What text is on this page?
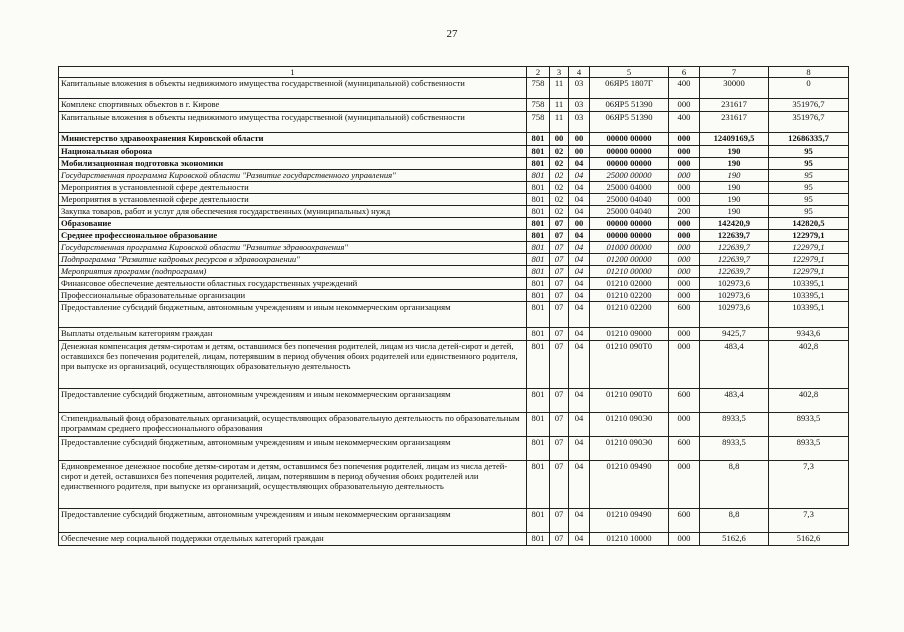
27
1	2	3	4	5	6	7	8
Капитальные вложения в объекты недвижимого имущества государственной (муниципальной) собственности	758	11	03	06ЯР5 1807Г	400	30000	0
Комплекс спортивных объектов в г. Кирове	758	11	03	06ЯР5 51390	000	231617	351976,7
Капитальные вложения в объекты недвижимого имущества государственной (муниципальной) собственности	758	11	03	06ЯР5 51390	400	231617	351976,7
Министерство здравоохранения Кировской области	801	00	00	00000 00000	000	12409169,5	12686335,7
Национальная оборона	801	02	00	00000 00000	000	190	95
Мобилизационная подготовка экономики	801	02	04	00000 00000	000	190	95
Государственная программа Кировской области "Развитие государственного управления"	801	02	04	25000 00000	000	190	95
Мероприятия в установленной сфере деятельности	801	02	04	25000 04000	000	190	95
Мероприятия в установленной сфере деятельности	801	02	04	25000 04040	000	190	95
Закупка товаров, работ и услуг для обеспечения государственных (муниципальных) нужд	801	02	04	25000 04040	200	190	95
Образование	801	07	00	00000 00000	000	142420,9	142820,5
Среднее профессиональное образование	801	07	04	00000 00000	000	122639,7	122979,1
Государственная программа Кировской области "Развитие здравоохранения"	801	07	04	01000 00000	000	122639,7	122979,1
Подпрограмма "Развитие кадровых ресурсов в здравоохранении"	801	07	04	01200 00000	000	122639,7	122979,1
Мероприятия программ (подпрограмм)	801	07	04	01210 00000	000	122639,7	122979,1
Финансовое обеспечение деятельности областных государственных учреждений	801	07	04	01210 02000	000	102973,6	103395,1
Профессиональные образовательные организации	801	07	04	01210 02200	000	102973,6	103395,1
Предоставление субсидий бюджетным, автономным учреждениям и иным некоммерческим организациям	801	07	04	01210 02200	600	102973,6	103395,1
Выплаты отдельным категориям граждан	801	07	04	01210 09000	000	9425,7	9343,6
Денежная компенсация детям-сиротам и детям, оставшимся без попечения родителей, лицам из числа детей-сирот и детей, оставшихся без попечения родителей, лицам, потерявшим в период обучения обоих родителей или единственного родителя, при выпуске из организаций, осуществляющих образовательную деятельность	801	07	04	01210 090Т0	000	483,4	402,8
Предоставление субсидий бюджетным, автономным учреждениям и иным некоммерческим организациям	801	07	04	01210 090Т0	600	483,4	402,8
Стипендиальный фонд образовательных организаций, осуществляющих образовательную деятельность по образовательным программам среднего профессионального образования	801	07	04	01210 090Э0	000	8933,5	8933,5
Предоставление субсидий бюджетным, автономным учреждениям и иным некоммерческим организациям	801	07	04	01210 090Э0	600	8933,5	8933,5
Единовременное денежное пособие детям-сиротам и детям, оставшимся без попечения родителей, лицам из числа детей-сирот и детей, оставшихся без попечения родителей, лицам, потерявшим в период обучения обоих родителей или единственного родителя, при выпуске из организаций, осуществляющих образовательную деятельность	801	07	04	01210 09490	000	8,8	7,3
Предоставление субсидий бюджетным, автономным учреждениям и иным некоммерческим организациям	801	07	04	01210 09490	600	8,8	7,3
Обеспечение мер социальной поддержки отдельных категорий граждан	801	07	04	01210 10000	000	5162,6	5162,6
